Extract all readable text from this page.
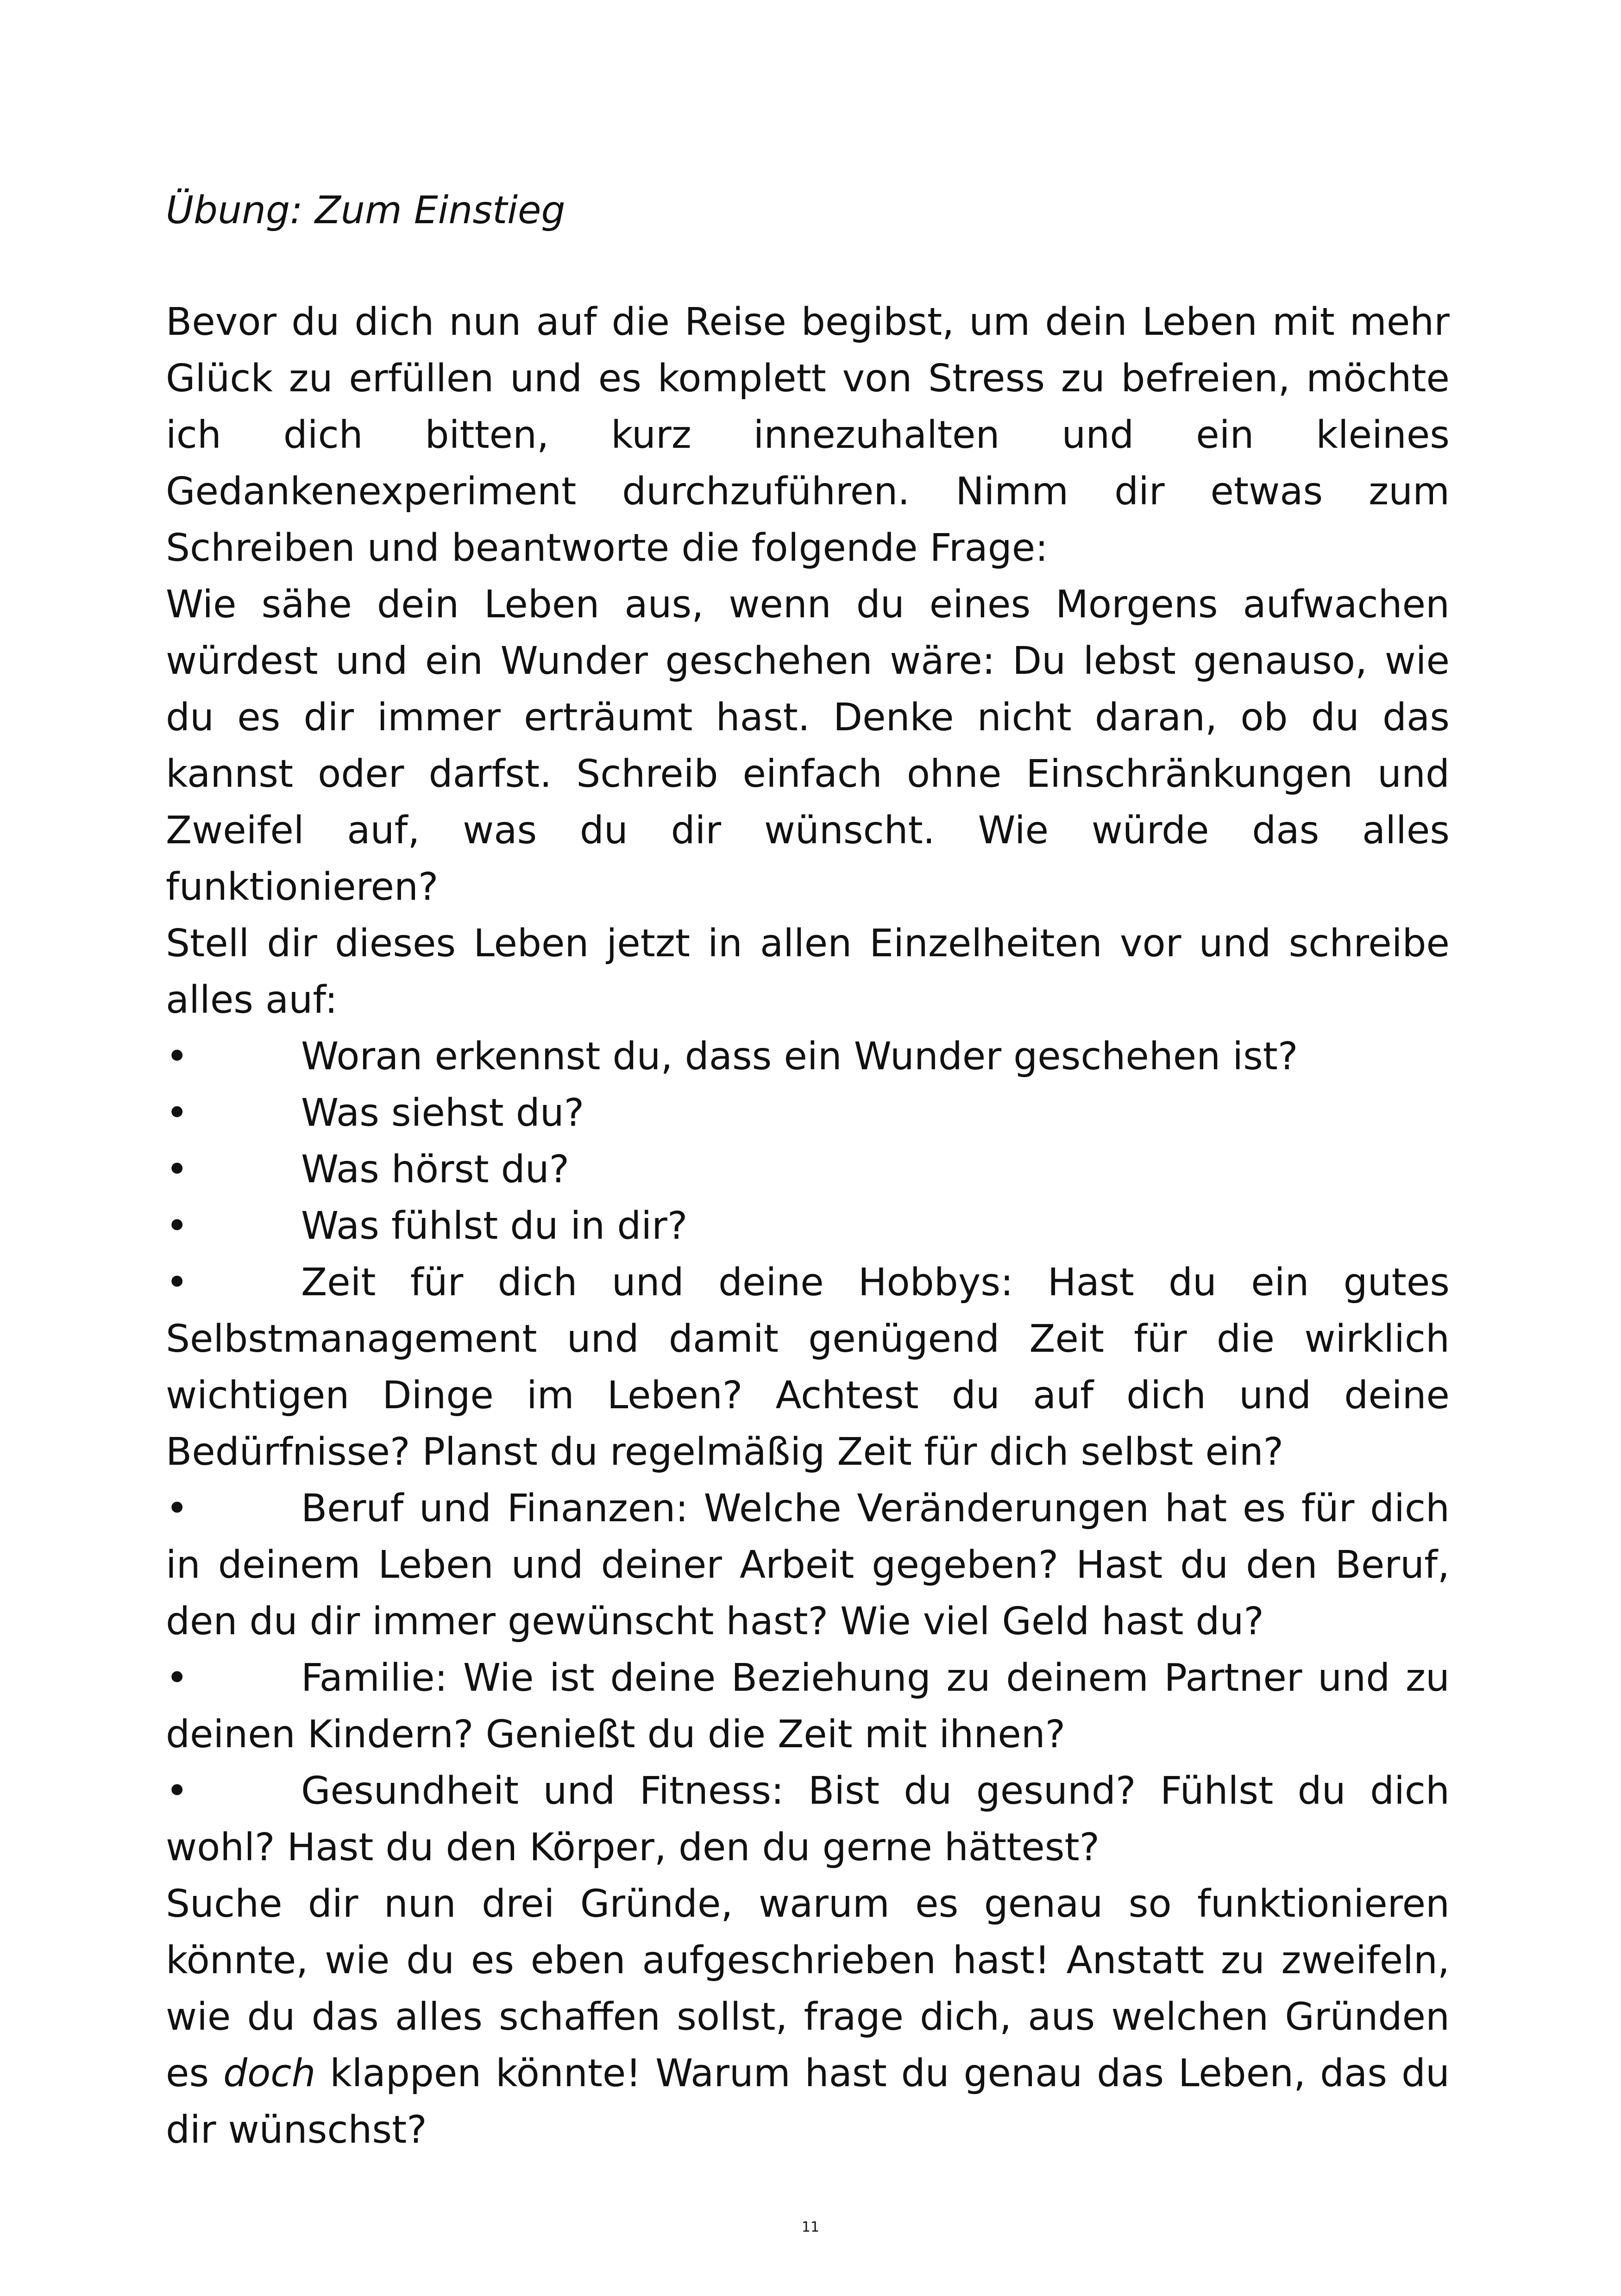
Übung: Zum Einstieg

Bevor du dich nun auf die Reise begibst, um dein Leben mit mehr Glück zu erfüllen und es komplett von Stress zu befreien, möchte ich dich bitten, kurz innezuhalten und ein kleines Gedankenexperiment durchzuführen. Nimm dir etwas zum Schreiben und beantworte die folgende Frage:

Wie sähe dein Leben aus, wenn du eines Morgens aufwachen würdest und ein Wunder geschehen wäre: Du lebst genauso, wie du es dir immer erträumt hast. Denke nicht daran, ob du das kannst oder darfst. Schreib einfach ohne Einschränkungen und Zweifel auf, was du dir wünscht. Wie würde das alles funktionieren?

Stell dir dieses Leben jetzt in allen Einzelheiten vor und schreibe alles auf:

•	Woran erkennst du, dass ein Wunder geschehen ist?
•	Was siehst du?
•	Was hörst du?
•	Was fühlst du in dir?

•	Zeit für dich und deine Hobbys: Hast du ein gutes Selbstmanagement und damit genügend Zeit für die wirklich wichtigen Dinge im Leben? Achtest du auf dich und deine Bedürfnisse? Planst du regelmäßig Zeit für dich selbst ein?

•	Beruf und Finanzen: Welche Veränderungen hat es für dich in deinem Leben und deiner Arbeit gegeben? Hast du den Beruf, den du dir immer gewünscht hast? Wie viel Geld hast du?

•	Familie: Wie ist deine Beziehung zu deinem Partner und zu deinen Kindern? Genießt du die Zeit mit ihnen?

•	Gesundheit und Fitness: Bist du gesund? Fühlst du dich wohl? Hast du den Körper, den du gerne hättest?

Suche dir nun drei Gründe, warum es genau so funktionieren könnte, wie du es eben aufgeschrieben hast! Anstatt zu zweifeln, wie du das alles schaffen sollst, frage dich, aus welchen Gründen es doch klappen könnte! Warum hast du genau das Leben, das du dir wünschst?

11
